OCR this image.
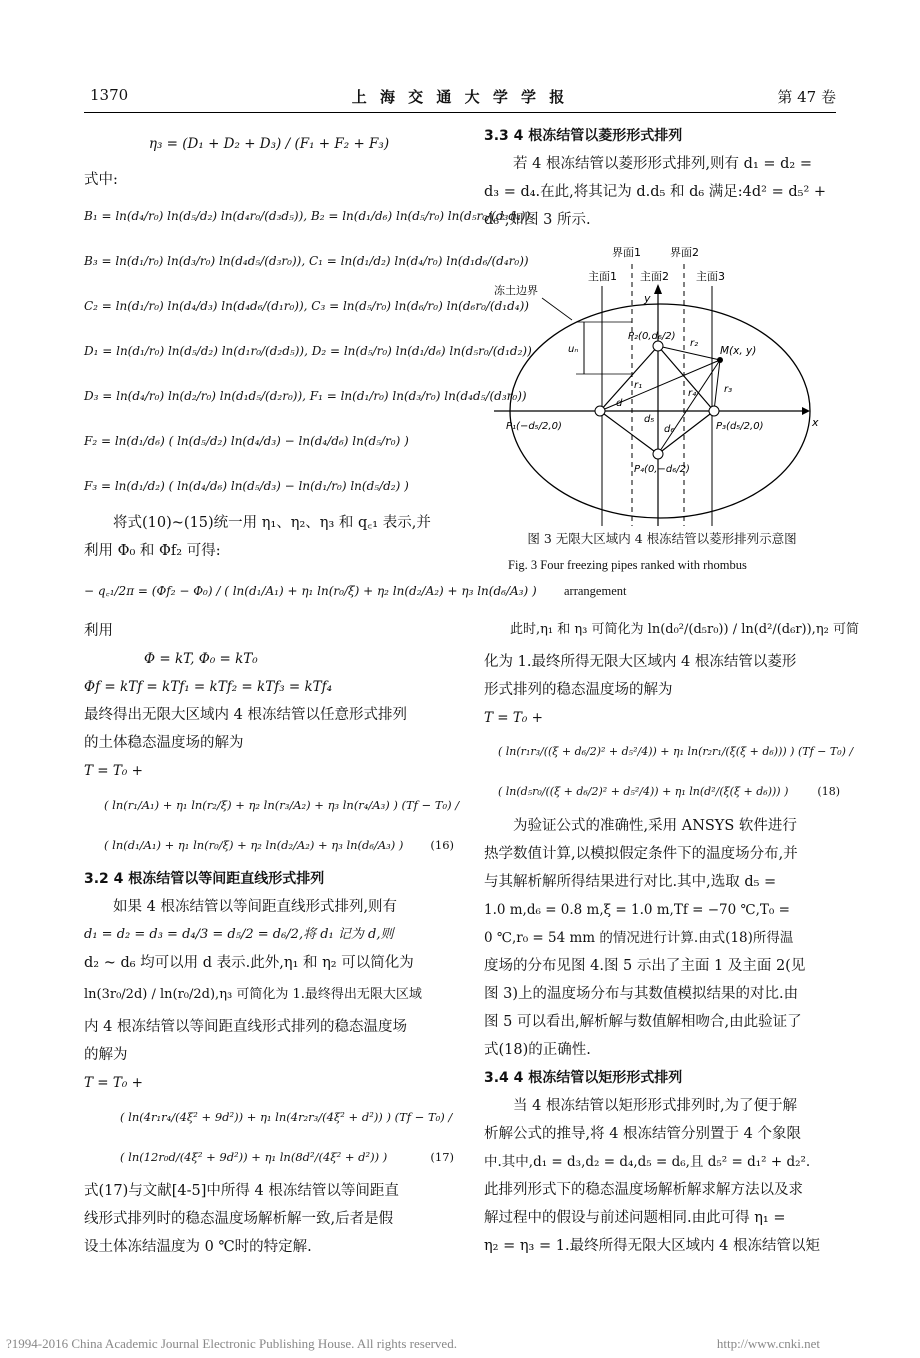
1370	上 海 交 通 大 学 学 报	第 47 卷
η₃ = (D₁ + D₂ + D₃) / (F₁ + F₂ + F₃)
式中:
B₁ = ln(d₄/r₀) ln(d₅/d₂) ln(d₄r₀/(d₃d₅)), B₂ = ln(d₁/d₆) ln(d₅/r₀) ln(d₅r₀/(d₃d₄))
B₃ = ln(d₁/r₀) ln(d₃/r₀) ln(d₄d₅/(d₃r₀)), C₁ = ln(d₁/d₂) ln(d₄/r₀) ln(d₁d₆/(d₄r₀))
C₂ = ln(d₁/r₀) ln(d₄/d₃) ln(d₄d₆/(d₁r₀)), C₃ = ln(d₅/r₀) ln(d₆/r₀) ln(d₆r₀/(d₁d₄))
D₁ = ln(d₁/r₀) ln(d₅/d₂) ln(d₁r₀/(d₂d₅)), D₂ = ln(d₅/r₀) ln(d₁/d₆) ln(d₅r₀/(d₁d₂))
D₃ = ln(d₄/r₀) ln(d₂/r₀) ln(d₁d₅/(d₂r₀)), F₁ = ln(d₁/r₀) ln(d₃/r₀) ln(d₄d₅/(d₃r₀))
F₂ = ln(d₁/d₆) ( ln(d₅/d₂) ln(d₄/d₃) − ln(d₄/d₆) ln(d₅/r₀) )
F₃ = ln(d₁/d₂) ( ln(d₄/d₆) ln(d₅/d₃) − ln(d₁/r₀) ln(d₅/d₂) )
将式(10)~(15)统一用 η₁、η₂、η₃ 和 q꜀₁ 表示,并
利用 Φ₀ 和 Φf₂ 可得:
− q꜀₁/2π = (Φf₂ − Φ₀) / ( ln(d₁/A₁) + η₁ ln(r₀/ξ) + η₂ ln(d₂/A₂) + η₃ ln(d₆/A₃) )
利用
Φ = kT, Φ₀ = kT₀
Φf = kTf = kTf₁ = kTf₂ = kTf₃ = kTf₄
最终得出无限大区域内 4 根冻结管以任意形式排列
的土体稳态温度场的解为
T = T₀ +
( ln(r₁/A₁) + η₁ ln(r₂/ξ) + η₂ ln(r₃/A₂) + η₃ ln(r₄/A₃) ) (Tf − T₀) /
( ln(d₁/A₁) + η₁ ln(r₀/ξ) + η₂ ln(d₂/A₂) + η₃ ln(d₆/A₃) ) (16)
3.2 4 根冻结管以等间距直线形式排列
如果 4 根冻结管以等间距直线形式排列,则有
d₁ = d₂ = d₃ = d₄/3 = d₅/2 = d₆/2,将 d₁ 记为 d,则
d₂ ~ d₆ 均可以用 d 表示.此外,η₁ 和 η₂ 可以简化为
ln(3r₀/2d) / ln(r₀/2d),η₃ 可简化为 1.最终得出无限大区域
内 4 根冻结管以等间距直线形式排列的稳态温度场
的解为
T = T₀ +
( ln(4r₁r₄/(4ξ² + 9d²)) + η₁ ln(4r₂r₃/(4ξ² + d²)) ) (Tf − T₀) /
( ln(12r₀d/(4ξ² + 9d²)) + η₁ ln(8d²/(4ξ² + d²)) )	(17)
式(17)与文献[4-5]中所得 4 根冻结管以等间距直
线形式排列时的稳态温度场解析解一致,后者是假
设土体冻结温度为 0 ℃时的特定解.
3.3 4 根冻结管以菱形形式排列
若 4 根冻结管以菱形形式排列,则有 d₁ = d₂ =
d₃ = d₄.在此,将其记为 d.d₅ 和 d₆ 满足:4d² = d₅² +
d₆²,如图 3 所示.
界面1	界面2
主面1 主面2 主面3
冻土边界
y
x
M(x, y)
P₁(−d₅/2,0)
P₂(0,d₆/2)
P₃(d₅/2,0)
P₄(0,−d₆/2)
r₁
r₂
r₃
r₄
d
d₅
d₆
uₙ
图 3 无限大区域内 4 根冻结管以菱形排列示意图
Fig. 3 Four freezing pipes ranked with rhombus
arrangement
此时,η₁ 和 η₃ 可简化为 ln(d₀²/(d₅r₀)) / ln(d²/(d₆r)),η₂ 可简
化为 1.最终所得无限大区域内 4 根冻结管以菱形
形式排列的稳态温度场的解为
T = T₀ +
( ln(r₁r₃/((ξ + d₆/2)² + d₅²/4)) + η₁ ln(r₂r₁/(ξ(ξ + d₆))) ) (Tf − T₀) /
( ln(d₅r₀/((ξ + d₆/2)² + d₅²/4)) + η₁ ln(d²/(ξ(ξ + d₆))) )	(18)
为验证公式的准确性,采用 ANSYS 软件进行
热学数值计算,以模拟假定条件下的温度场分布,并
与其解析解所得结果进行对比.其中,选取 d₅ =
1.0 m,d₆ = 0.8 m,ξ = 1.0 m,Tf = −70 ℃,T₀ =
0 ℃,r₀ = 54 mm 的情况进行计算.由式(18)所得温
度场的分布见图 4.图 5 示出了主面 1 及主面 2(见
图 3)上的温度场分布与其数值模拟结果的对比.由
图 5 可以看出,解析解与数值解相吻合,由此验证了
式(18)的正确性.
3.4 4 根冻结管以矩形形式排列
当 4 根冻结管以矩形形式排列时,为了便于解
析解公式的推导,将 4 根冻结管分别置于 4 个象限
中.其中,d₁ = d₃,d₂ = d₄,d₅ = d₆,且 d₅² = d₁² + d₂².
此排列形式下的稳态温度场解析解求解方法以及求
解过程中的假设与前述问题相同.由此可得 η₁ =
η₂ = η₃ = 1.最终所得无限大区域内 4 根冻结管以矩
?1994-2016 China Academic Journal Electronic Publishing House. All rights reserved.	http://www.cnki.net
